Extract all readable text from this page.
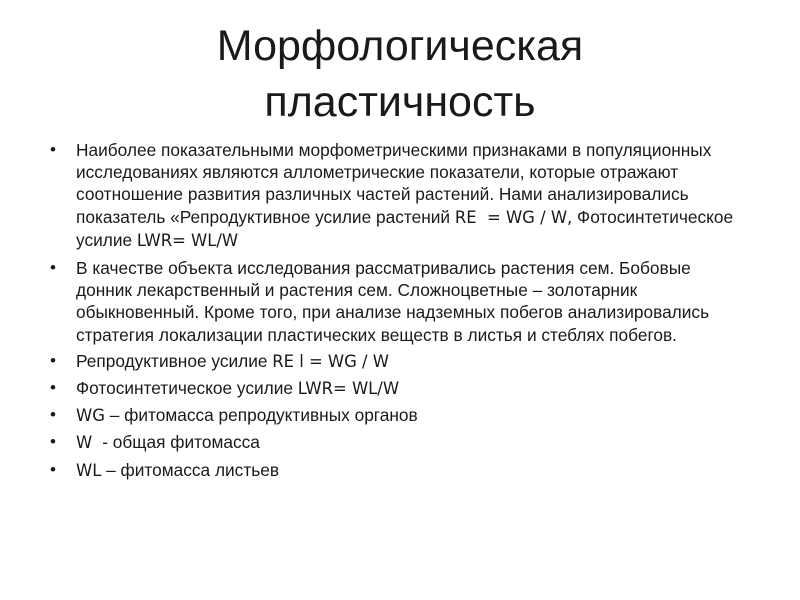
Морфологическая
пластичность
•	Наиболее показательными морфометрическими признаками в популяционных исследованиях являются аллометрические показатели, которые отражают соотношение развития различных частей растений. Нами анализировались показатель «Репродуктивное усилие растений RE  = WG / W, Фотосинтетическое усилие LWR= WL/W
•	В качестве объекта исследования рассматривались растения сем. Бобовые донник лекарственный и растения сем. Сложноцветные – золотарник обыкновенный. Кроме того, при анализе надземных побегов анализировались стратегия локализации пластических веществ в листья и стеблях побегов.
•	Репродуктивное усилие RE l = WG / W
•	Фотосинтетическое усилие LWR= WL/W
•	WG – фитомасса репродуктивных органов
•	W  - общая фитомасса
•	WL – фитомасса листьев
